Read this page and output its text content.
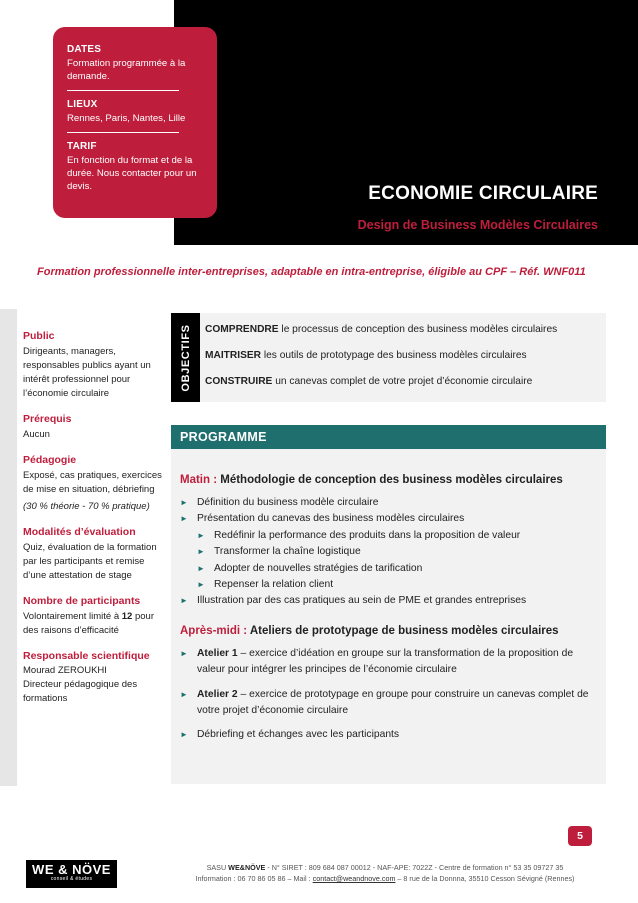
DATES
Formation programmée à la demande.
LIEUX
Rennes, Paris, Nantes, Lille
TARIF
En fonction du format et de la durée. Nous contacter pour un devis.	ECONOMIE CIRCULAIRE
Design de Business Modèles Circulaires
Formation professionnelle inter-entreprises, adaptable en intra-entreprise, éligible au CPF – Réf. WNF011
Public
Dirigeants, managers, responsables publics ayant un intérêt professionnel pour l’économie circulaire
Prérequis
Aucun
Pédagogie
Exposé, cas pratiques, exercices de mise en situation, débriefing
(30 % théorie - 70 % pratique)
Modalités d’évaluation
Quiz, évaluation de la formation par les participants et remise d’une attestation de stage
Nombre de participants
Volontairement limité à 12 pour des raisons d’efficacité
Responsable scientifique
Mourad ZEROUKHI
Directeur pédagogique des formations
OBJECTIFS COMPRENDRE le processus de conception des business modèles circulaires
MAITRISER les outils de prototypage des business modèles circulaires
CONSTRUIRE un canevas complet de votre projet d’économie circulaire
PROGRAMME
Matin : Méthodologie de conception des business modèles circulaires
► Définition du business modèle circulaire
► Présentation du canevas des business modèles circulaires
► Redéfinir la performance des produits dans la proposition de valeur
► Transformer la chaîne logistique
► Adopter de nouvelles stratégies de tarification
► Repenser la relation client
► Illustration par des cas pratiques au sein de PME et grandes entreprises
Après-midi : Ateliers de prototypage de business modèles circulaires
► Atelier 1 – exercice d’idéation en groupe sur la transformation de la proposition de valeur pour intégrer les principes de l’économie circulaire
► Atelier 2 – exercice de prototypage en groupe pour construire un canevas complet de votre projet d’économie circulaire
► Débriefing et échanges avec les participants
5
WE & NÖVE
conseil & études
SASU WE&NÖVE - N° SIRET : 809 684 087 00012 - NAF-APE: 7022Z - Centre de formation n° 53 35 09727 35
Information : 06 70 86 05 86 – Mail : contact@weandnove.com – 8 rue de la Donnna, 35510 Cesson Sévigné (Rennes)
